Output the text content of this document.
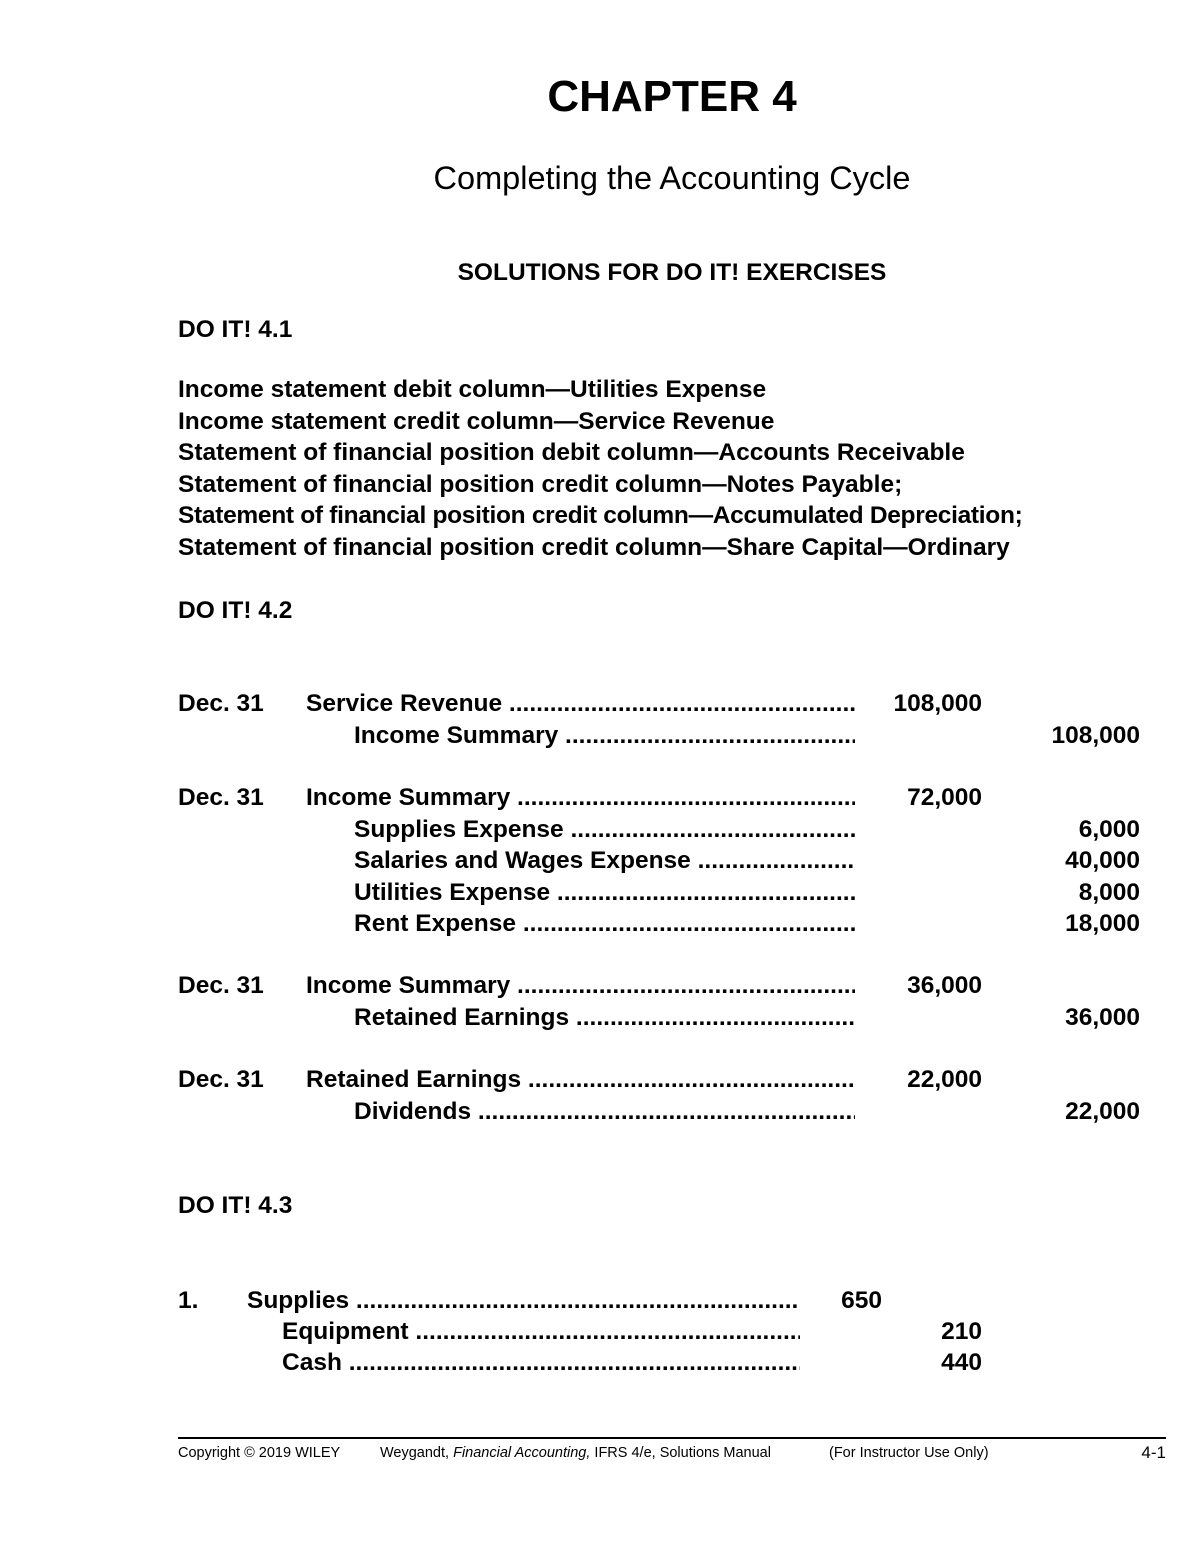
CHAPTER 4
Completing the Accounting Cycle
SOLUTIONS FOR DO IT! EXERCISES
DO IT! 4.1
Income statement debit column—Utilities Expense
Income statement credit column—Service Revenue
Statement of financial position debit column—Accounts Receivable
Statement of financial position credit column—Notes Payable;
Statement of financial position credit column—Accumulated Depreciation;
Statement of financial position credit column—Share Capital—Ordinary
DO IT! 4.2
Dec. 31 Service Revenue .....	108,000
Income Summary .....	108,000
Dec. 31 Income Summary .....	72,000
Supplies Expense .....	6,000
Salaries and Wages Expense .....	40,000
Utilities Expense .....	8,000
Rent Expense .....	18,000
Dec. 31 Income Summary .....	36,000
Retained Earnings .....	36,000
Dec. 31 Retained Earnings .....	22,000
Dividends .....	22,000
DO IT! 4.3
1. Supplies .....	650
Equipment .....	210
Cash .....	440
Copyright © 2019 WILEY	Weygandt, Financial Accounting, IFRS 4/e, Solutions Manual	(For Instructor Use Only)	4-1
